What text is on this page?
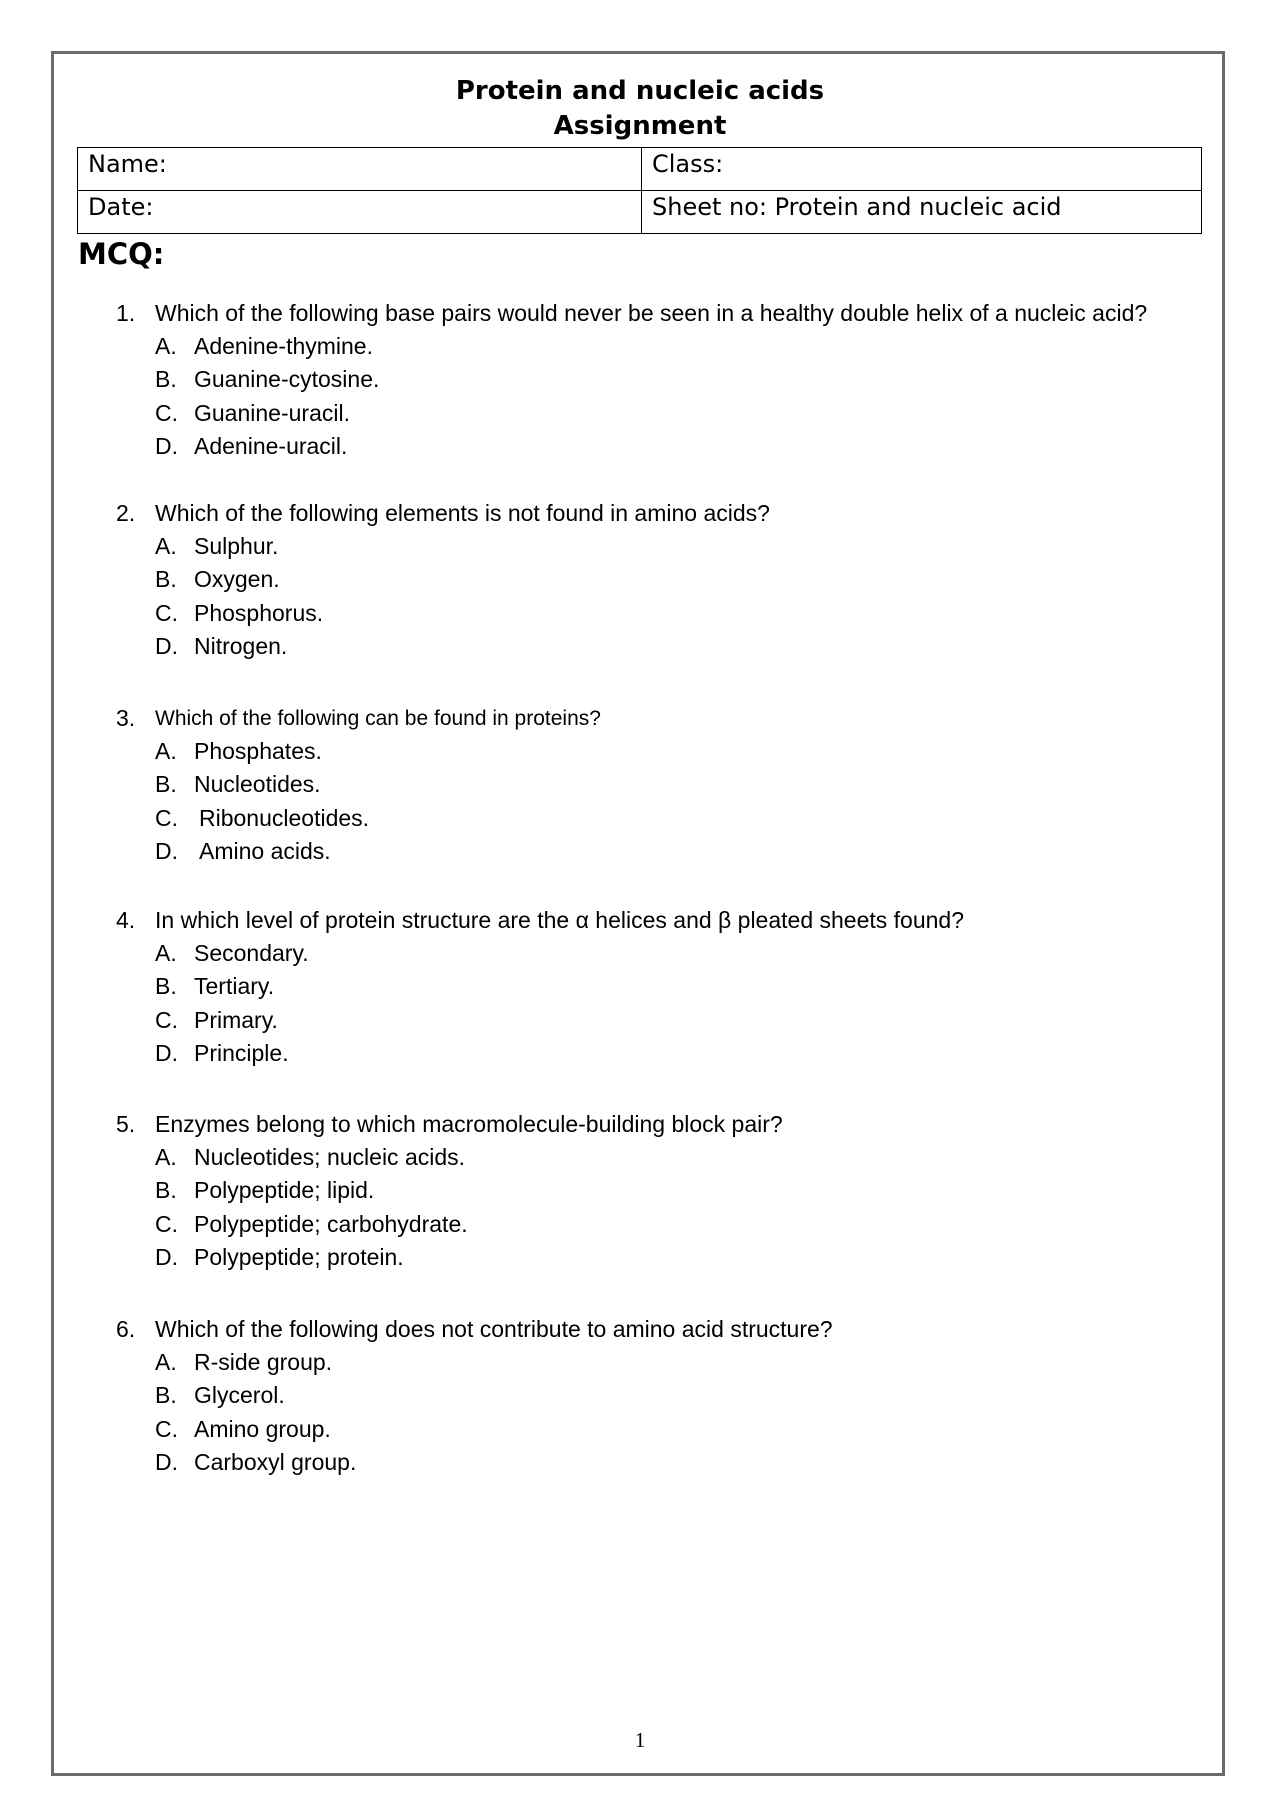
Protein and nucleic acids
Assignment
Name:	Class:
Date:	Sheet no: Protein and nucleic acid
MCQ:
1. Which of the following base pairs would never be seen in a healthy double helix of a nucleic acid?
A. Adenine-thymine.
B. Guanine-cytosine.
C. Guanine-uracil.
D. Adenine-uracil.
2. Which of the following elements is not found in amino acids?
A. Sulphur.
B. Oxygen.
C. Phosphorus.
D. Nitrogen.
3. Which of the following can be found in proteins?
A. Phosphates.
B. Nucleotides.
C. Ribonucleotides.
D. Amino acids.
4. In which level of protein structure are the α helices and β pleated sheets found?
A. Secondary.
B. Tertiary.
C. Primary.
D. Principle.
5. Enzymes belong to which macromolecule-building block pair?
A. Nucleotides; nucleic acids.
B. Polypeptide; lipid.
C. Polypeptide; carbohydrate.
D. Polypeptide; protein.
6. Which of the following does not contribute to amino acid structure?
A. R-side group.
B. Glycerol.
C. Amino group.
D. Carboxyl group.
1
